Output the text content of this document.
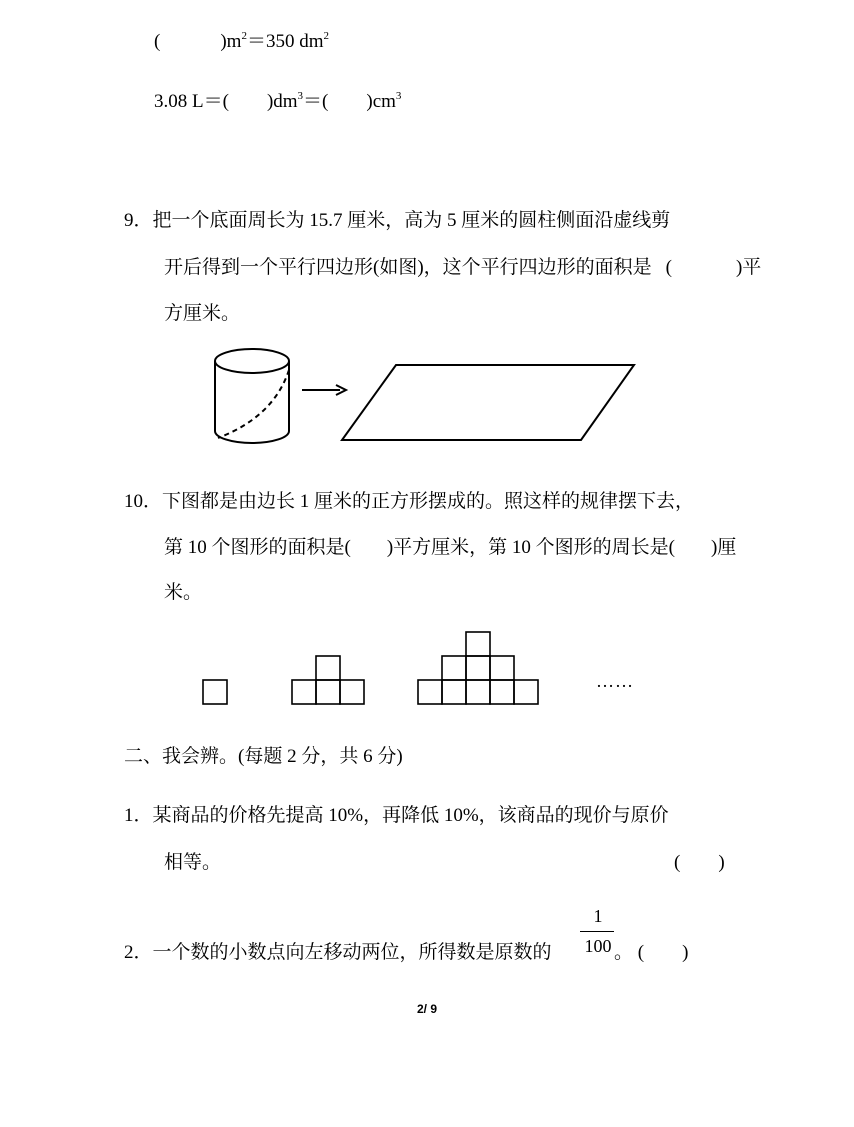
(	)$m^2=350$ $dm^2$
3.08 L＝( )$dm^3=$( )$cm^3$
9．把一个底面周长为 15.7 厘米，高为 5 厘米的圆柱侧面沿虚线剪
开后得到一个平行四边形(如图)，这个平行四边形的面积是 (	)平
方厘米。
10．下图都是由边长 1 厘米的正方形摆成的。照这样的规律摆下去，
第 10 个图形的面积是( )平方厘米，第 10 个图形的周长是( )厘
米。
……
二、我会辨。(每题 2 分，共 6 分)
1．某商品的价格先提高 10%，再降低 10%，该商品的现价与原价
相等。	(　　)
2．一个数的小数点向左移动两位，所得数是原数的
1
100 。 (　　)
2/ 9
